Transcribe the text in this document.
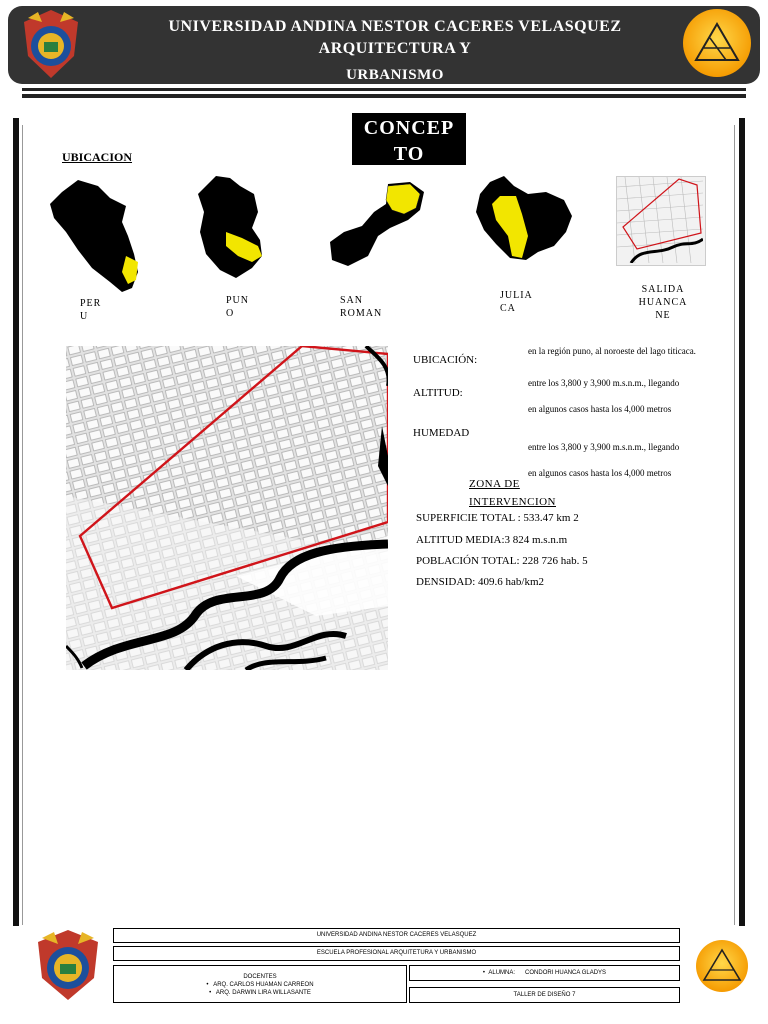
UNIVERSIDAD ANDINA NESTOR CACERES VELASQUEZ
ARQUITECTURA Y
URBANISMO
CONCEP
TO
UBICACION
PER
U
PUN
O
SAN
ROMAN
JULIA
CA
SALIDA
HUANCA
NE
UBICACIÓN:
en la región puno, al noroeste del lago titicaca.
ALTITUD:
entre los 3,800 y 3,900 m.s.n.m., llegando
en algunos casos hasta los 4,000 metros
HUMEDAD
entre los 3,800 y 3,900 m.s.n.m., llegando
en algunos casos hasta los 4,000 metros
ZONA DE
INTERVENCION
SUPERFICIE TOTAL : 533.47 km 2
ALTITUD MEDIA:3 824 m.s.n.m
POBLACIÓN TOTAL: 228 726 hab. 5
DENSIDAD: 409.6 hab/km2
UNIVERSIDAD ANDINA NESTOR CACERES VELASQUEZ
ESCUELA PROFESIONAL ARQUITETURA Y URBANISMO
DOCENTES
•   ARQ. CARLOS HUAMAN CARREON
•   ARQ. DARWIN LIRA WILLASANTE
•  ALUMNA: CONDORI HUANCA GLADYS
TALLER DE DISEÑO 7
